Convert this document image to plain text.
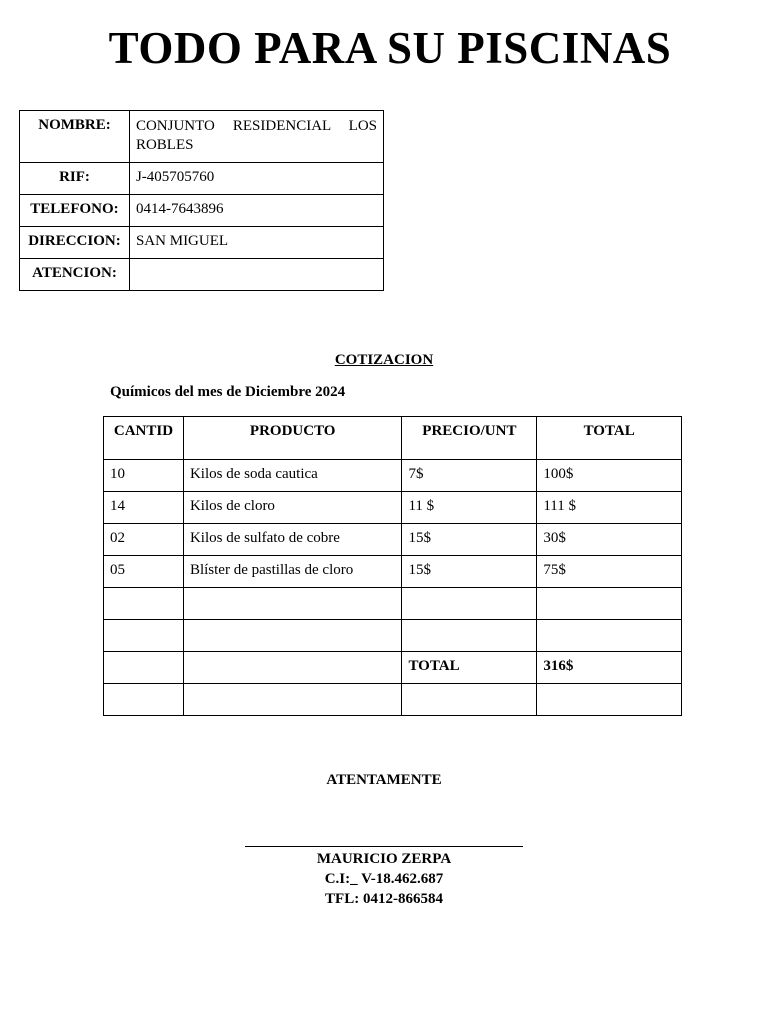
TODO PARA SU PISCINAS
NOMBRE:	CONJUNTO RESIDENCIAL LOS ROBLES
RIF:	J-405705760
TELEFONO:	0414-7643896
DIRECCION:	SAN MIGUEL
ATENCION:	
COTIZACION
Químicos del mes de Diciembre 2024
CANTID	PRODUCTO	PRECIO/UNT	TOTAL
10	Kilos de soda cautica	7$	100$
14	Kilos de cloro	11 $	111 $
02	Kilos de sulfato de cobre	15$	30$
05	Blíster de pastillas de cloro	15$	75$

		TOTAL	316$

ATENTAMENTE
MAURICIO ZERPA
C.I:_ V-18.462.687
TFL: 0412-866584
